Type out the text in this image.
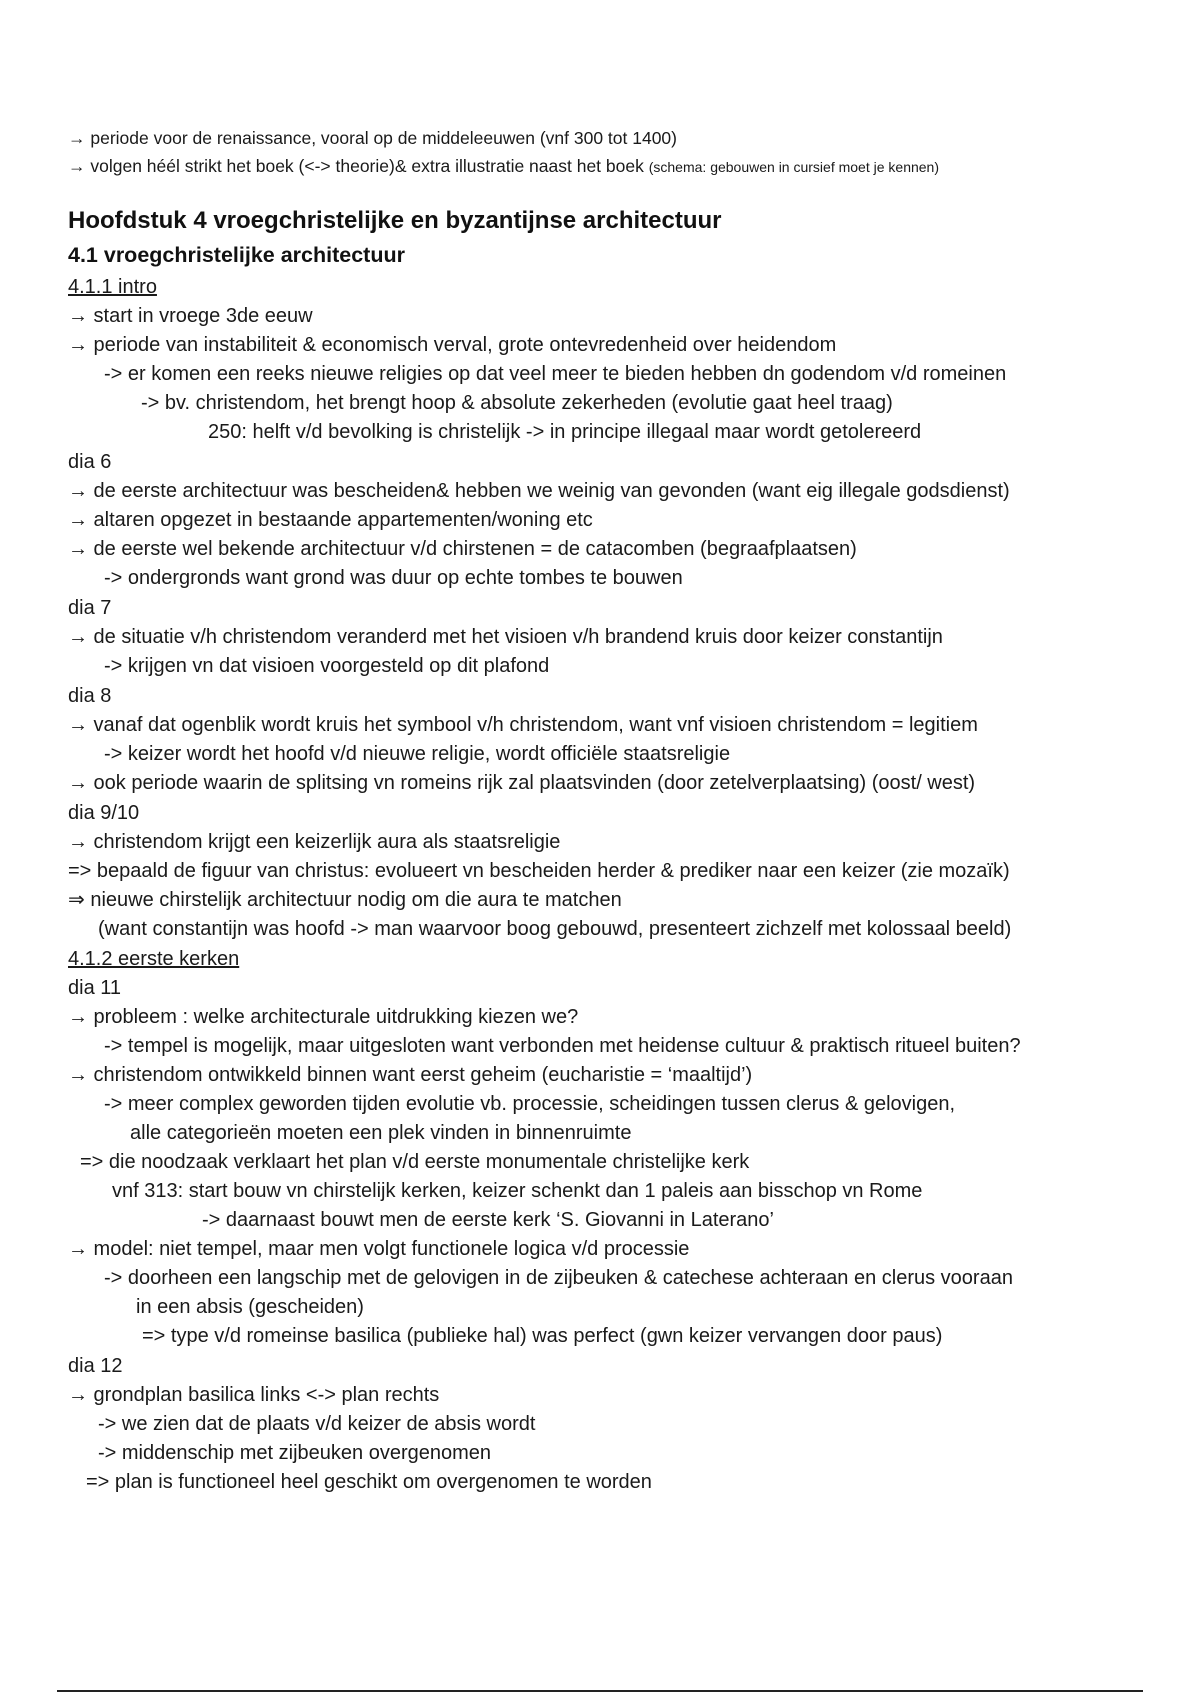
→ periode voor de renaissance, vooral op de middeleeuwen (vnf 300 tot 1400)
→ volgen héél strikt het boek (<-> theorie)& extra illustratie naast het boek (schema: gebouwen in cursief moet je kennen)
Hoofdstuk 4 vroegchristelijke en byzantijnse architectuur
4.1 vroegchristelijke architectuur
4.1.1 intro
→ start in vroege 3de eeuw
→ periode van instabiliteit & economisch verval, grote ontevredenheid over heidendom
-> er komen een reeks nieuwe religies op dat veel meer te bieden hebben dn godendom v/d romeinen
-> bv. christendom, het brengt hoop & absolute zekerheden (evolutie gaat heel traag)
250: helft v/d bevolking is christelijk -> in principe illegaal maar wordt getolereerd
dia 6
→ de eerste architectuur was bescheiden& hebben we weinig van gevonden (want eig illegale godsdienst)
→ altaren opgezet in bestaande appartementen/woning etc
→ de eerste wel bekende architectuur v/d chirstenen = de catacomben (begraafplaatsen)
-> ondergronds want grond was duur op echte tombes te bouwen
dia 7
→ de situatie v/h christendom veranderd met het visioen v/h brandend kruis door keizer constantijn
-> krijgen vn dat visioen voorgesteld op dit plafond
dia 8
→ vanaf dat ogenblik wordt kruis het symbool v/h christendom, want vnf visioen christendom = legitiem
-> keizer wordt het hoofd v/d nieuwe religie, wordt officiële staatsreligie
→ ook periode waarin de splitsing vn romeins rijk zal plaatsvinden (door zetelverplaatsing) (oost/ west)
dia 9/10
→ christendom krijgt een keizerlijk aura als staatsreligie
=> bepaald de figuur van christus: evolueert vn bescheiden herder & prediker naar een keizer (zie mozaïk)
⇒ nieuwe chirstelijk architectuur nodig om die aura te matchen
(want constantijn was hoofd -> man waarvoor boog gebouwd, presenteert zichzelf met kolossaal beeld)
4.1.2 eerste kerken
dia 11
→ probleem : welke architecturale uitdrukking kiezen we?
-> tempel is mogelijk, maar uitgesloten want verbonden met heidense cultuur & praktisch ritueel buiten?
→ christendom ontwikkeld binnen want eerst geheim (eucharistie = ‘maaltijd’)
-> meer complex geworden tijden evolutie vb. processie, scheidingen tussen clerus & gelovigen,
alle categorieën moeten een plek vinden in binnenruimte
=> die noodzaak verklaart het plan v/d eerste monumentale christelijke kerk
vnf 313: start bouw vn chirstelijk kerken, keizer schenkt dan 1 paleis aan bisschop vn Rome
-> daarnaast bouwt men de eerste kerk ‘S. Giovanni in Laterano’
→ model: niet tempel, maar men volgt functionele logica v/d processie
-> doorheen een langschip met de gelovigen in de zijbeuken & catechese achteraan en clerus vooraan
in een absis (gescheiden)
=> type v/d romeinse basilica (publieke hal) was perfect (gwn keizer vervangen door paus)
dia 12
→ grondplan basilica links <-> plan rechts
-> we zien dat de plaats v/d keizer de absis wordt
-> middenschip met zijbeuken overgenomen
=> plan is functioneel heel geschikt om overgenomen te worden
